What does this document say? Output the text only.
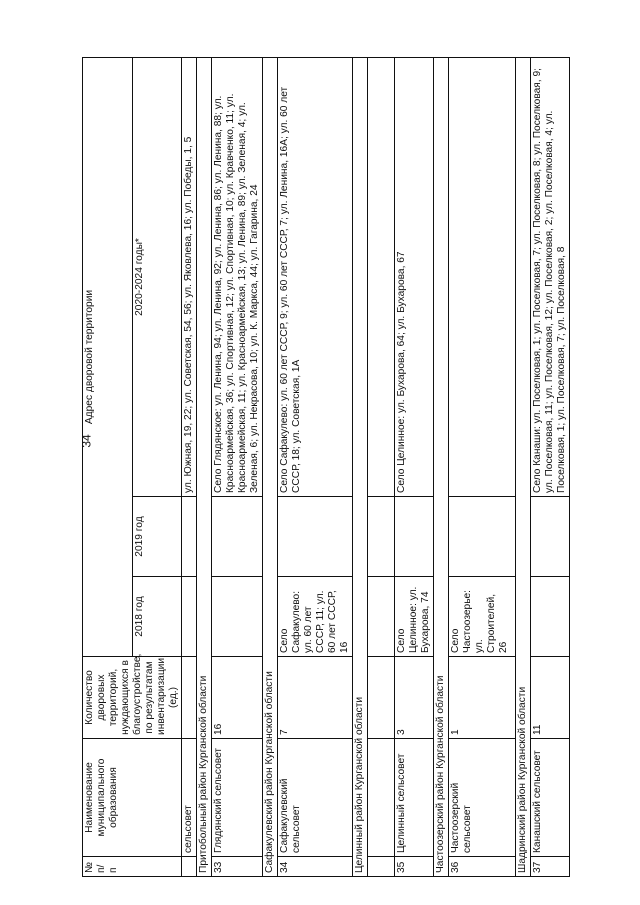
34
№ п/п	Наименование муниципального образования	Количество дворовых территорий, нуждающихся в благоустройстве, по результатам инвентаризации (ед.)	Адрес дворовой территории		
			2018 год	2019 год	2020-2024 годы*
	сельсовет				ул. Южная, 19, 22; ул. Советская, 54, 56; ул. Яковлева, 16; ул. Победы, 1, 5
Притобольный район Курганской области					
33	Глядянский сельсовет	16			Село Глядянское: ул. Ленина, 94; ул. Ленина, 92; ул. Ленина, 86; ул. Ленина, 88; ул. Красноармейская, 36; ул. Спортивная, 12; ул. Спортивная, 10; ул. Кравченко, 11; ул. Красноармейская, 11; ул. Красноармейская, 13; ул. Ленина, 89; ул. Зеленая, 4; ул. Зеленая, 6; ул. Некрасова, 10; ул. К. Маркса, 44; ул. Гагарина, 24
Сафакулевский район Курганской области					
34	Сафакулевский сельсовет	7	Село Сафакулево: ул. 60 лет СССР, 11; ул. 60 лет СССР, 16		Село Сафакулево: ул. 60 лет СССР, 9; ул. 60 лет СССР, 7; ул. Ленина, 16А; ул. 60 лет СССР, 18; ул. Советская, 1А
Целинный район Курганской области					

35	Целинный сельсовет	3	Село Целинное: ул. Бухарова, 74		Село Целинное: ул. Бухарова, 64; ул. Бухарова, 67
Частоозерский район Курганской области					
36	Частоозерский сельсовет	1	Село Частоозерье: ул. Строителей, 26		
Шадринский район Курганской области					
37	Канашский сельсовет	11			Село Канаши: ул. Поселковая, 1; ул. Поселковая, 7; ул. Поселковая, 8; ул. Поселковая, 9; ул. Поселковая, 11; ул. Поселковая, 12; ул. Поселковая, 2; ул. Поселковая, 4; ул. Поселковая, 1; ул. Поселковая, 7; ул. Поселковая, 8
